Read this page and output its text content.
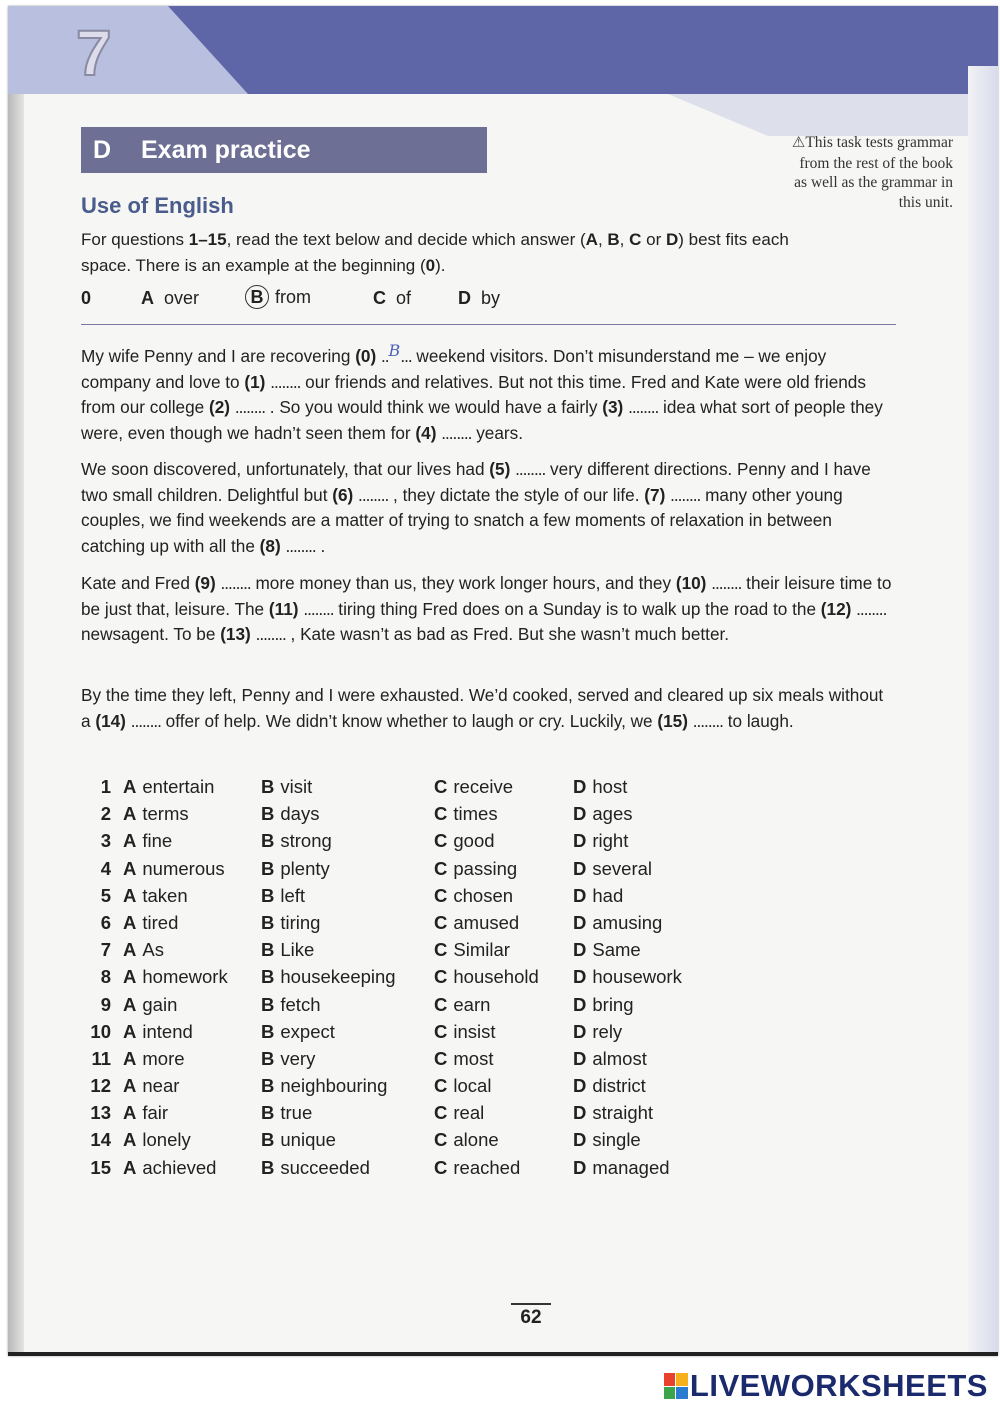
7
D	Exam practice	⚠This task tests grammar from the rest of the book as well as the grammar in this unit.
Use of English
For questions 1–15, read the text below and decide which answer (A, B, C or D) best fits each space. There is an example at the beginning (0).
0	A over	B from	C of	D by
My wife Penny and I are recovering (0) ..B... weekend visitors. Don’t misunderstand me – we enjoy company and love to (1) ........ our friends and relatives. But not this time. Fred and Kate were old friends from our college (2) ........ . So you would think we would have a fairly (3) ........ idea what sort of people they were, even though we hadn’t seen them for (4) ........ years.
We soon discovered, unfortunately, that our lives had (5) ........ very different directions. Penny and I have two small children. Delightful but (6) ........ , they dictate the style of our life. (7) ........ many other young couples, we find weekends are a matter of trying to snatch a few moments of relaxation in between catching up with all the (8) ........ .
Kate and Fred (9) ........ more money than us, they work longer hours, and they (10) ........ their leisure time to be just that, leisure. The (11) ........ tiring thing Fred does on a Sunday is to walk up the road to the (12) ........ newsagent. To be (13) ........ , Kate wasn’t as bad as Fred. But she wasn’t much better.
By the time they left, Penny and I were exhausted. We’d cooked, served and cleared up six meals without a (14) ........ offer of help. We didn’t know whether to laugh or cry. Luckily, we (15) ........ to laugh.
1 A entertain	B visit	C receive	D host
2 A terms	B days	C times	D ages
3 A fine	B strong	C good	D right
4 A numerous B plenty	C passing	D several
5 A taken	B left	C chosen	D had
6 A tired	B tiring	C amused	D amusing
7 A As	B Like	C Similar	D Same
8 A homework B housekeeping C household D housework
9 A gain	B fetch	C earn	D bring
10 A intend	B expect	C insist	D rely
11 A more	B very	C most	D almost
12 A near	B neighbouring	C local	D district
13 A fair	B true	C real	D straight
14 A lonely	B unique	C alone	D single
15 A achieved B succeeded	C reached	D managed
62
LIVEWORKSHEETS
